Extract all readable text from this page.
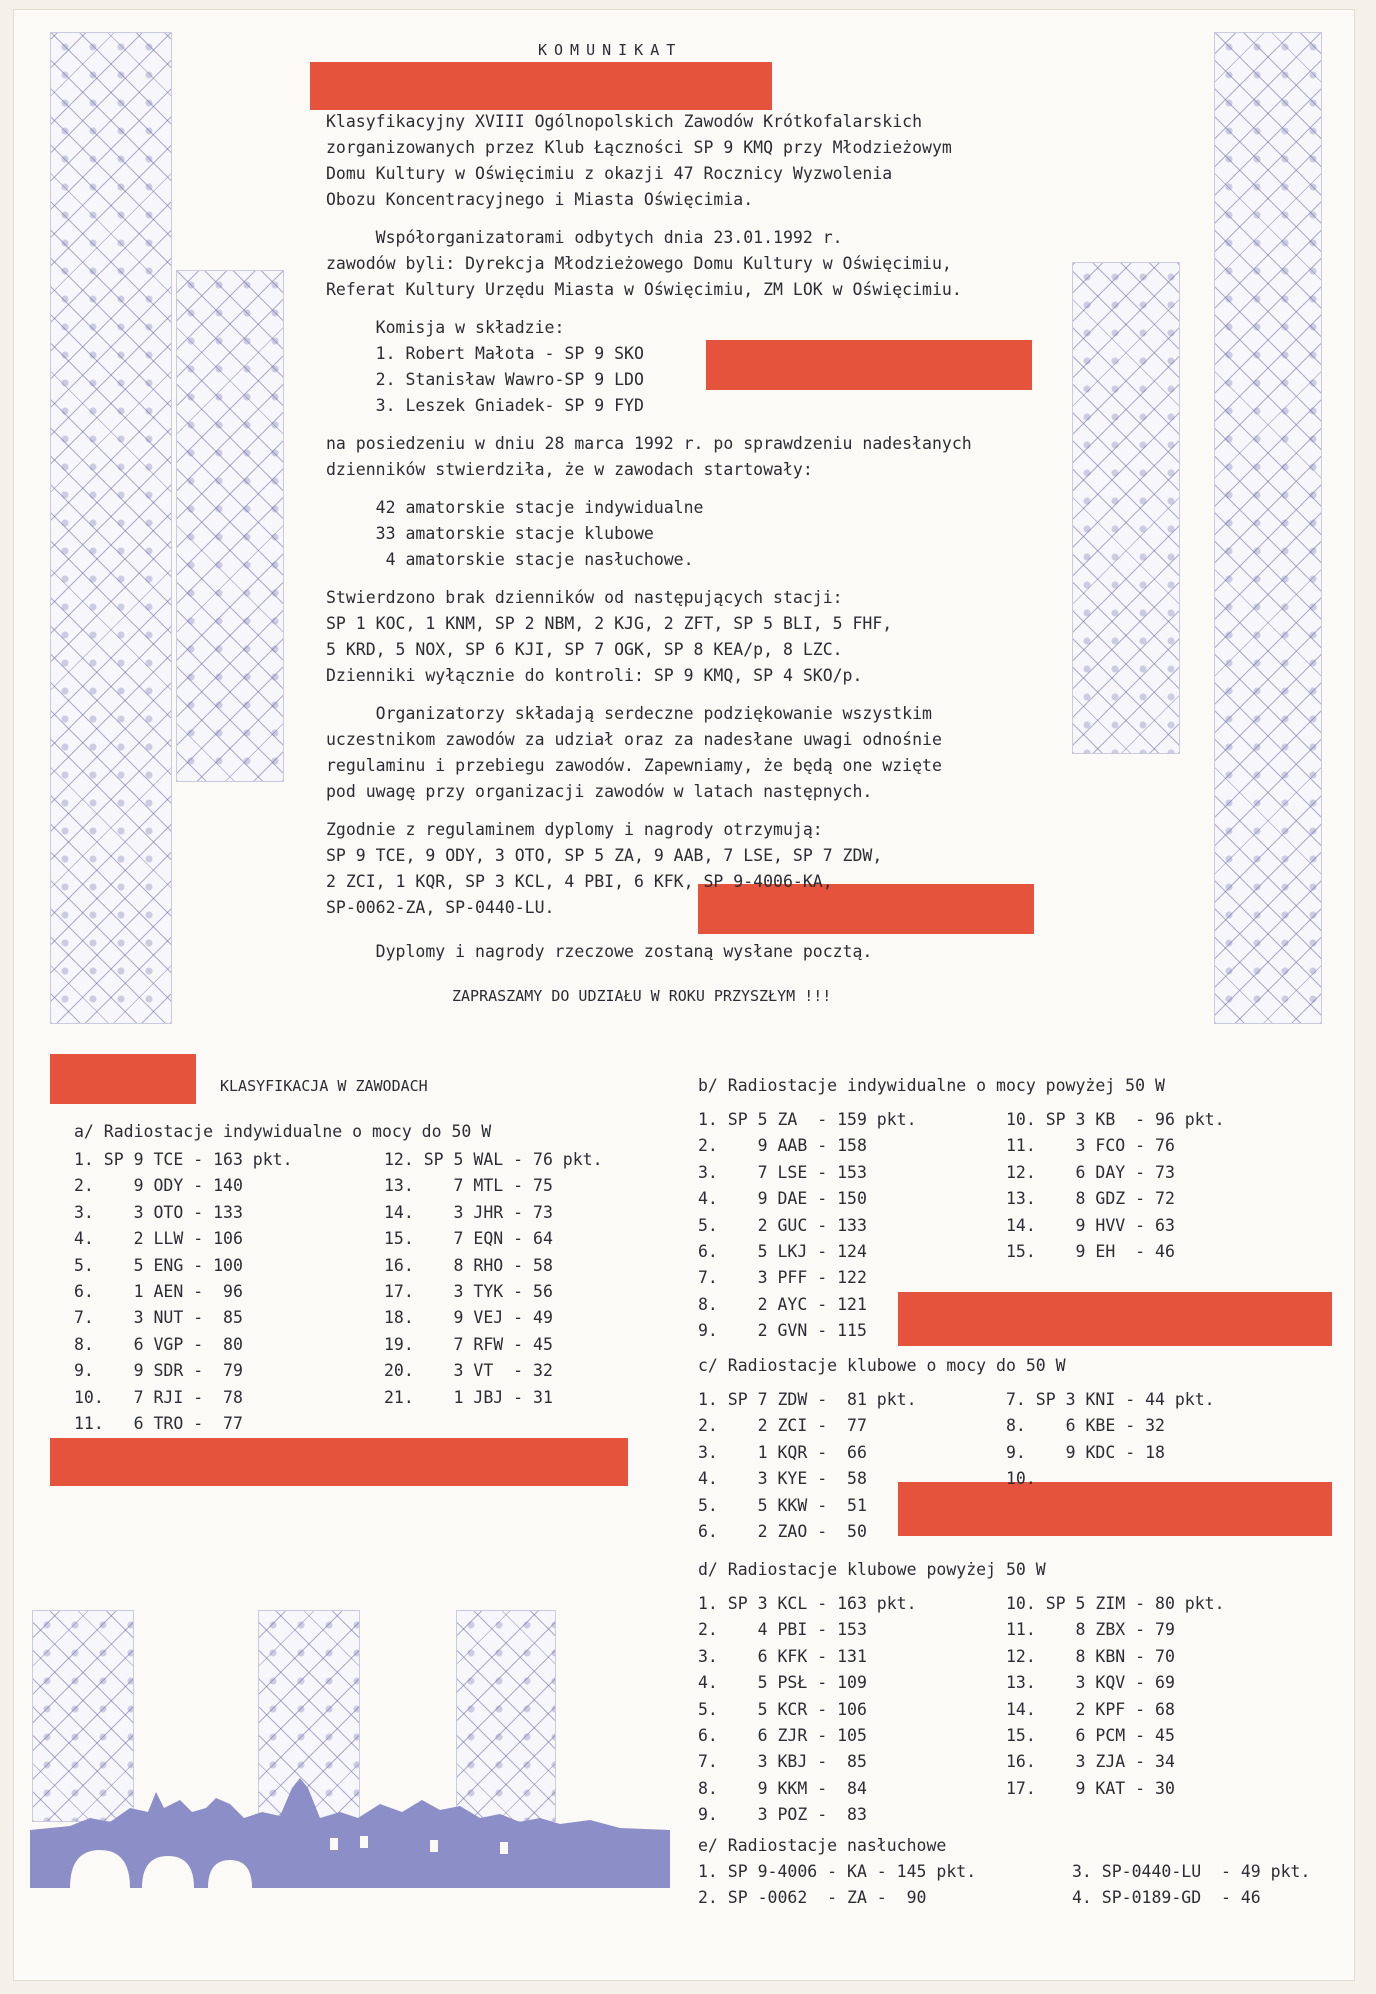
KOMUNIKAT
Klasyfikacyjny XVIII Ogólnopolskich Zawodów Krótkofalarskich
zorganizowanych przez Klub Łączności SP 9 KMQ przy Młodzieżowym
Domu Kultury w Oświęcimiu z okazji 47 Rocznicy Wyzwolenia
Obozu Koncentracyjnego i Miasta Oświęcimia.
Współorganizatorami odbytych dnia 23.01.1992 r.
zawodów byli: Dyrekcja Młodzieżowego Domu Kultury w Oświęcimiu,
Referat Kultury Urzędu Miasta w Oświęcimiu, ZM LOK w Oświęcimiu.
Komisja w składzie:
1. Robert Małota - SP 9 SKO
2. Stanisław Wawro-SP 9 LDO
3. Leszek Gniadek- SP 9 FYD
na posiedzeniu w dniu 28 marca 1992 r. po sprawdzeniu nadesłanych
dzienników stwierdziła, że w zawodach startowały:
42 amatorskie stacje indywidualne
33 amatorskie stacje klubowe
4 amatorskie stacje nasłuchowe.
Stwierdzono brak dzienników od następujących stacji:
SP 1 KOC, 1 KNM, SP 2 NBM, 2 KJG, 2 ZFT, SP 5 BLI, 5 FHF,
5 KRD, 5 NOX, SP 6 KJI, SP 7 OGK, SP 8 KEA/p, 8 LZC.
Dzienniki wyłącznie do kontroli: SP 9 KMQ, SP 4 SKO/p.
Organizatorzy składają serdeczne podziękowanie wszystkim
uczestnikom zawodów za udział oraz za nadesłane uwagi odnośnie
regulaminu i przebiegu zawodów. Zapewniamy, że będą one wzięte
pod uwagę przy organizacji zawodów w latach następnych.
Zgodnie z regulaminem dyplomy i nagrody otrzymują:
SP 9 TCE, 9 ODY, 3 OTO, SP 5 ZA, 9 AAB, 7 LSE, SP 7 ZDW,
2 ZCI, 1 KQR, SP 3 KCL, 4 PBI, 6 KFK, SP 9-4006-KA,
SP-0062-ZA, SP-0440-LU.
Dyplomy i nagrody rzeczowe zostaną wysłane pocztą.
ZAPRASZAMY DO UDZIAŁU W ROKU PRZYSZŁYM !!!
KLASYFIKACJA W ZAWODACH
a/ Radiostacje indywidualne o mocy do 50 W
1. SP 9 TCE - 163 pkt.
2.    9 ODY - 140
3.    3 OTO - 133
4.    2 LLW - 106
5.    5 ENG - 100
6.    1 AEN -  96
7.    3 NUT -  85
8.    6 VGP -  80
9.    9 SDR -  79
10.   7 RJI -  78
11.   6 TRO -  77
12. SP 5 WAL - 76 pkt.
13.    7 MTL - 75
14.    3 JHR - 73
15.    7 EQN - 64
16.    8 RHO - 58
17.    3 TYK - 56
18.    9 VEJ - 49
19.    7 RFW - 45
20.    3 VT  - 32
21.    1 JBJ - 31
b/ Radiostacje indywidualne o mocy powyżej 50 W
1. SP 5 ZA  - 159 pkt.
2.    9 AAB - 158
3.    7 LSE - 153
4.    9 DAE - 150
5.    2 GUC - 133
6.    5 LKJ - 124
7.    3 PFF - 122
8.    2 AYC - 121
9.    2 GVN - 115
10. SP 3 KB  - 96 pkt.
11.    3 FCO - 76
12.    6 DAY - 73
13.    8 GDZ - 72
14.    9 HVV - 63
15.    9 EH  - 46
c/ Radiostacje klubowe o mocy do 50 W
1. SP 7 ZDW -  81 pkt.
2.    2 ZCI -  77
3.    1 KQR -  66
4.    3 KYE -  58
5.    5 KKW -  51
6.    2 ZAO -  50
7. SP 3 KNI - 44 pkt.
8.    6 KBE - 32
9.    9 KDC - 18
10.
d/ Radiostacje klubowe powyżej 50 W
1. SP 3 KCL - 163 pkt.
2.    4 PBI - 153
3.    6 KFK - 131
4.    5 PSŁ - 109
5.    5 KCR - 106
6.    6 ZJR - 105
7.    3 KBJ -  85
8.    9 KKM -  84
9.    3 POZ -  83
10. SP 5 ZIM - 80 pkt.
11.    8 ZBX - 79
12.    8 KBN - 70
13.    3 KQV - 69
14.    2 KPF - 68
15.    6 PCM - 45
16.    3 ZJA - 34
17.    9 KAT - 30
e/ Radiostacje nasłuchowe
1. SP 9-4006 - KA - 145 pkt.
2. SP -0062  - ZA -  90
3. SP-0440-LU  - 49 pkt.
4. SP-0189-GD  - 46
